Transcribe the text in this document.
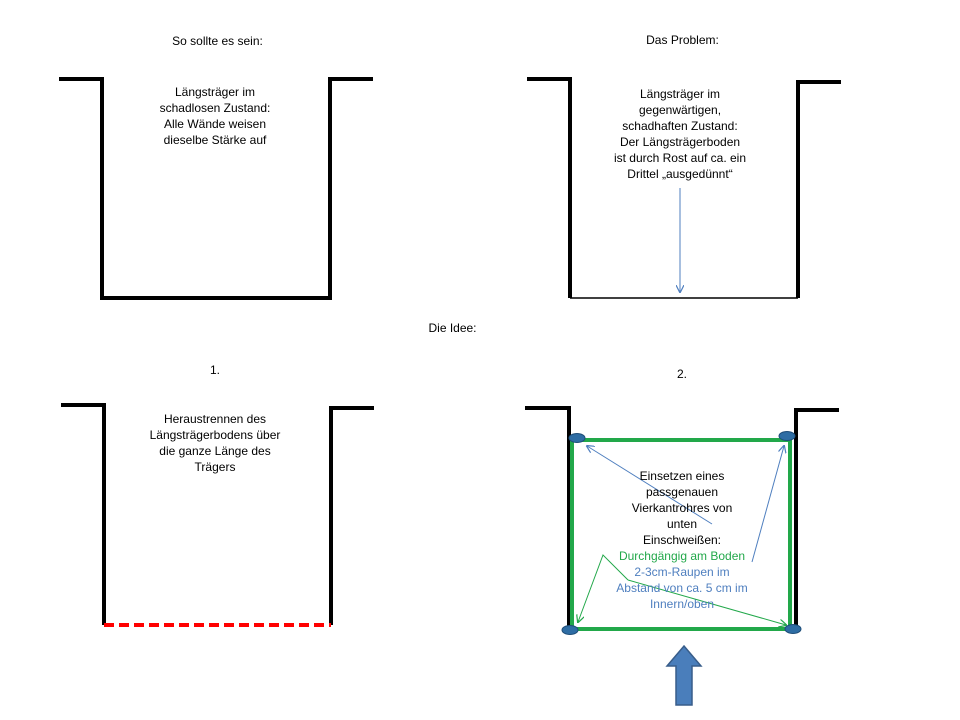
So sollte es sein:	Das Problem:
Die Idee:
1.	2.
Längsträger im
schadlosen Zustand:
Alle Wände weisen
dieselbe Stärke auf
Längsträger im
gegenwärtigen,
schadhaften Zustand:
Der Längsträgerboden
ist durch Rost auf ca. ein
Drittel „ausgedünnt“
Heraustrennen des
Längsträgerbodens über
die ganze Länge des
Trägers
Einsetzen eines
passgenauen
Vierkantrohres von
unten
Einschweißen:
Durchgängig am Boden
2-3cm-Raupen im
Abstand von ca. 5 cm im
Innern/oben
